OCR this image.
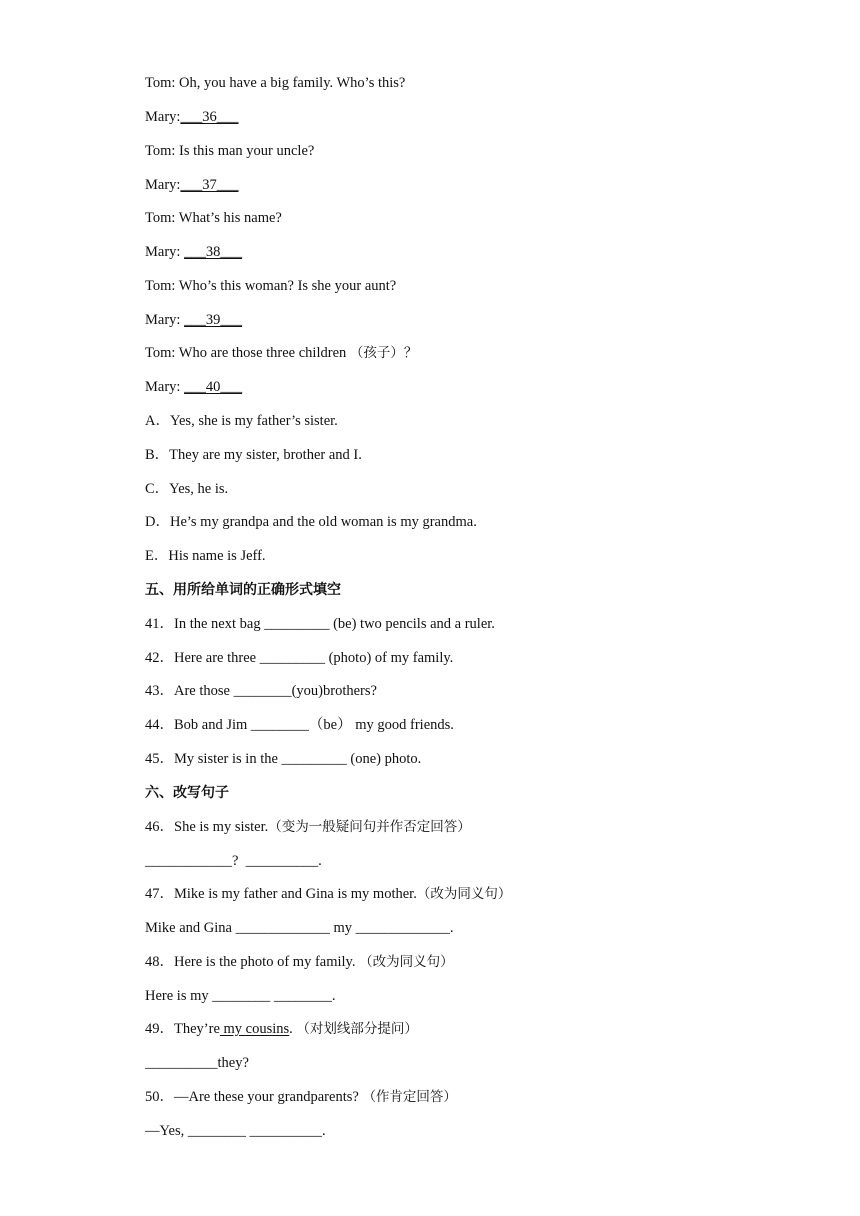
Tom: Oh, you have a big family. Who’s this?
Mary:___36___
Tom: Is this man your uncle?
Mary:___37___
Tom: What’s his name?
Mary: ___38___
Tom: Who’s this woman? Is she your aunt?
Mary: ___39___
Tom: Who are those three children （孩子）？
Mary: ___40___
A．Yes, she is my father’s sister.
B．They are my sister, brother and I.
C．Yes, he is.
D．He’s my grandpa and the old woman is my grandma.
E．His name is Jeff.
五、用所给单词的正确形式填空
41．In the next bag _________ (be) two pencils and a ruler.
42．Here are three _________ (photo) of my family.
43．Are those ________(you)brothers?
44．Bob and Jim ________（be） my good friends.
45．My sister is in the _________ (one) photo.
六、改写句子
46．She is my sister.（变为一般疑问句并作否定回答）
____________?  __________.
47．Mike is my father and Gina is my mother.（改为同义句）
Mike and Gina _____________ my _____________.
48．Here is the photo of my family. （改为同义句）
Here is my ________ ________.
49．They’re my cousins. （对划线部分提问）
__________they?
50．—Are these your grandparents? （作肯定回答）
—Yes, ________ __________.
